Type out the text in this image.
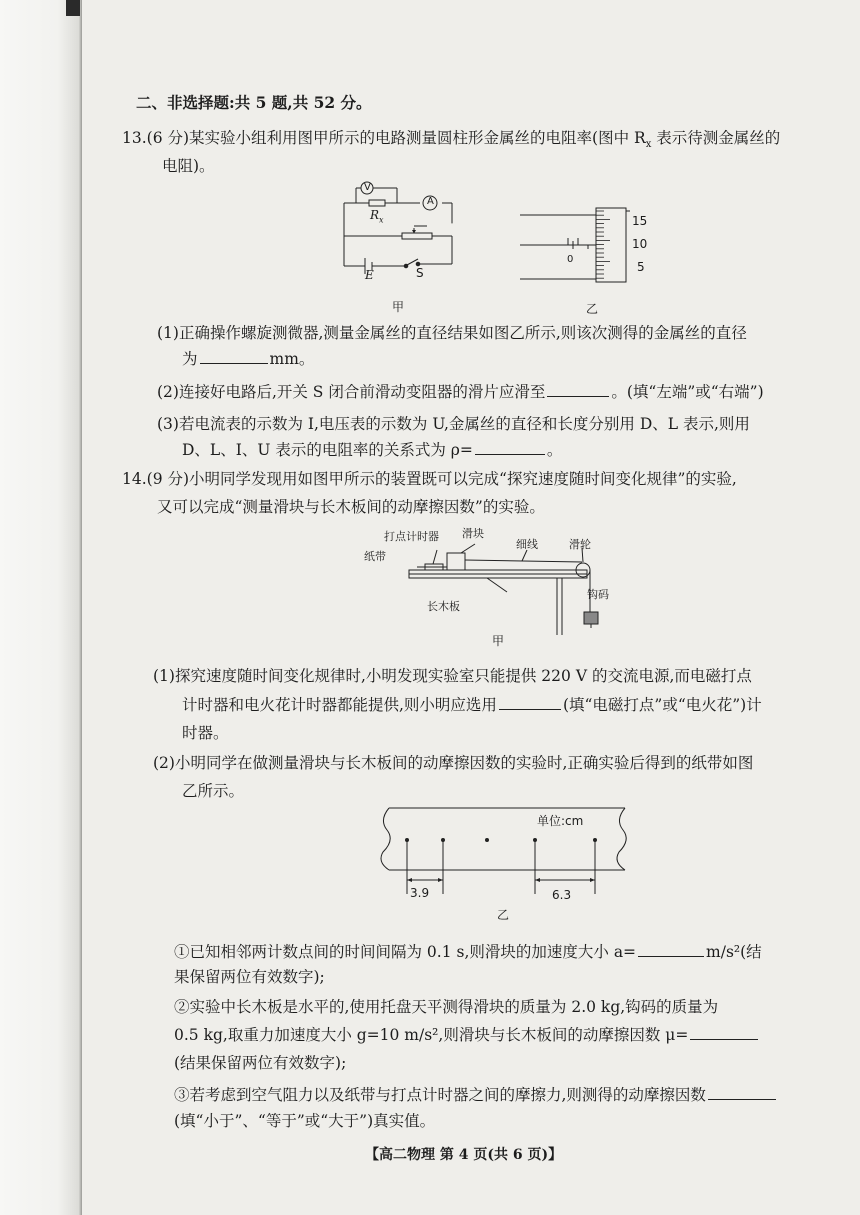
二、非选择题:共 5 题,共 52 分。
13.(6 分)某实验小组利用图甲所示的电路测量圆柱形金属丝的电阻率(图中 $R_x$ 表示待测金属丝的
电阻)。
V
A
$R_x$
E	S
甲
0
15
10
5
乙
(1)正确操作螺旋测微器,测量金属丝的直径结果如图乙所示,则该次测得的金属丝的直径
为	mm。
(2)连接好电路后,开关 S 闭合前滑动变阻器的滑片应滑至	。(填“左端”或“右端”)
(3)若电流表的示数为 I,电压表的示数为 U,金属丝的直径和长度分别用 D、L 表示,则用
D、L、I、U 表示的电阻率的关系式为 ρ=	。
14.(9 分)小明同学发现用如图甲所示的装置既可以完成“探究速度随时间变化规律”的实验,
又可以完成“测量滑块与长木板间的动摩擦因数”的实验。
打点计时器 滑块
细线	滑轮
纸带
钩码
长木板
甲
(1)探究速度随时间变化规律时,小明发现实验室只能提供 220 V 的交流电源,而电磁打点
计时器和电火花计时器都能提供,则小明应选用	(填“电磁打点”或“电火花”)计
时器。
(2)小明同学在做测量滑块与长木板间的动摩擦因数的实验时,正确实验后得到的纸带如图
乙所示。
单位:cm
3.9	6.3
乙
①已知相邻两计数点间的时间间隔为 0.1 s,则滑块的加速度大小 a=	m/s²(结
果保留两位有效数字);
②实验中长木板是水平的,使用托盘天平测得滑块的质量为 2.0 kg,钩码的质量为
0.5 kg,取重力加速度大小 g=10 m/s²,则滑块与长木板间的动摩擦因数 μ=
(结果保留两位有效数字);
③若考虑到空气阻力以及纸带与打点计时器之间的摩擦力,则测得的动摩擦因数
(填“小于”、“等于”或“大于”)真实值。
【高二物理 第 4 页(共 6 页)】
